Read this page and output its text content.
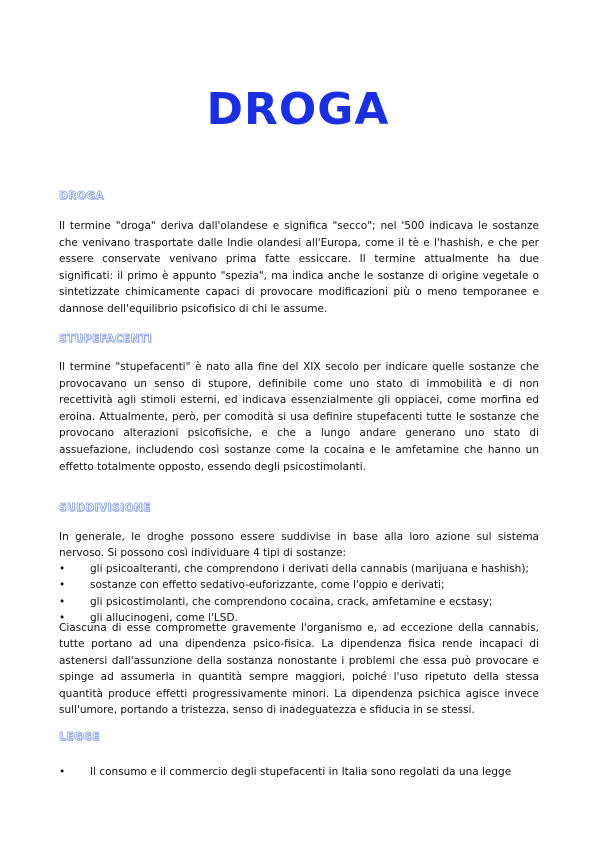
DROGA
DROGA

Il termine "droga" deriva dall'olandese e significa "secco"; nel '500 indicava le sostanze che venivano trasportate dalle Indie olandesi all'Europa, come il tè e l'hashish, e che per essere conservate venivano prima fatte essiccare. Il termine attualmente ha due significati: il primo è appunto "spezia", ma indica anche le sostanze di origine vegetale o sintetizzate chimicamente capaci di provocare modificazioni più o meno temporanee e dannose dell'equilibrio psicofisico di chi le assume.

STUPEFACENTI

Il termine "stupefacenti" è nato alla fine del XIX secolo per indicare quelle sostanze che provocavano un senso di stupore, definibile come uno stato di immobilità e di non recettività agli stimoli esterni, ed indicava essenzialmente gli oppiacei, come morfina ed eroina. Attualmente, però, per comodità si usa definire stupefacenti tutte le sostanze che provocano alterazioni psicofisiche, e che a lungo andare generano uno stato di assuefazione, includendo così sostanze come la cocaina e le amfetamine che hanno un effetto totalmente opposto, essendo degli psicostimolanti.

SUDDIVISIONE

In generale, le droghe possono essere suddivise in base alla loro azione sul sistema nervoso. Si possono così individuare 4 tipi di sostanze:

• gli psicoalteranti, che comprendono i derivati della cannabis (marijuana e hashish);
• sostanze con effetto sedativo-euforizzante, come l'oppio e derivati;
• gli psicostimolanti, che comprendono cocaina, crack, amfetamine e ecstasy;
• gli allucinogeni, come l'LSD.

Ciascuna di esse compromette gravemente l'organismo e, ad eccezione della cannabis, tutte portano ad una dipendenza psico-fisica. La dipendenza fisica rende incapaci di astenersi dall'assunzione della sostanza nonostante i problemi che essa può provocare e spinge ad assumerla in quantità sempre maggiori, poiché l'uso ripetuto della stessa quantità produce effetti progressivamente minori. La dipendenza psichica agisce invece sull'umore, portando a tristezza, senso di inadeguatezza e sfiducia in se stessi.

LEGGE
• Il consumo e il commercio degli stupefacenti in Italia sono regolati da una legge
